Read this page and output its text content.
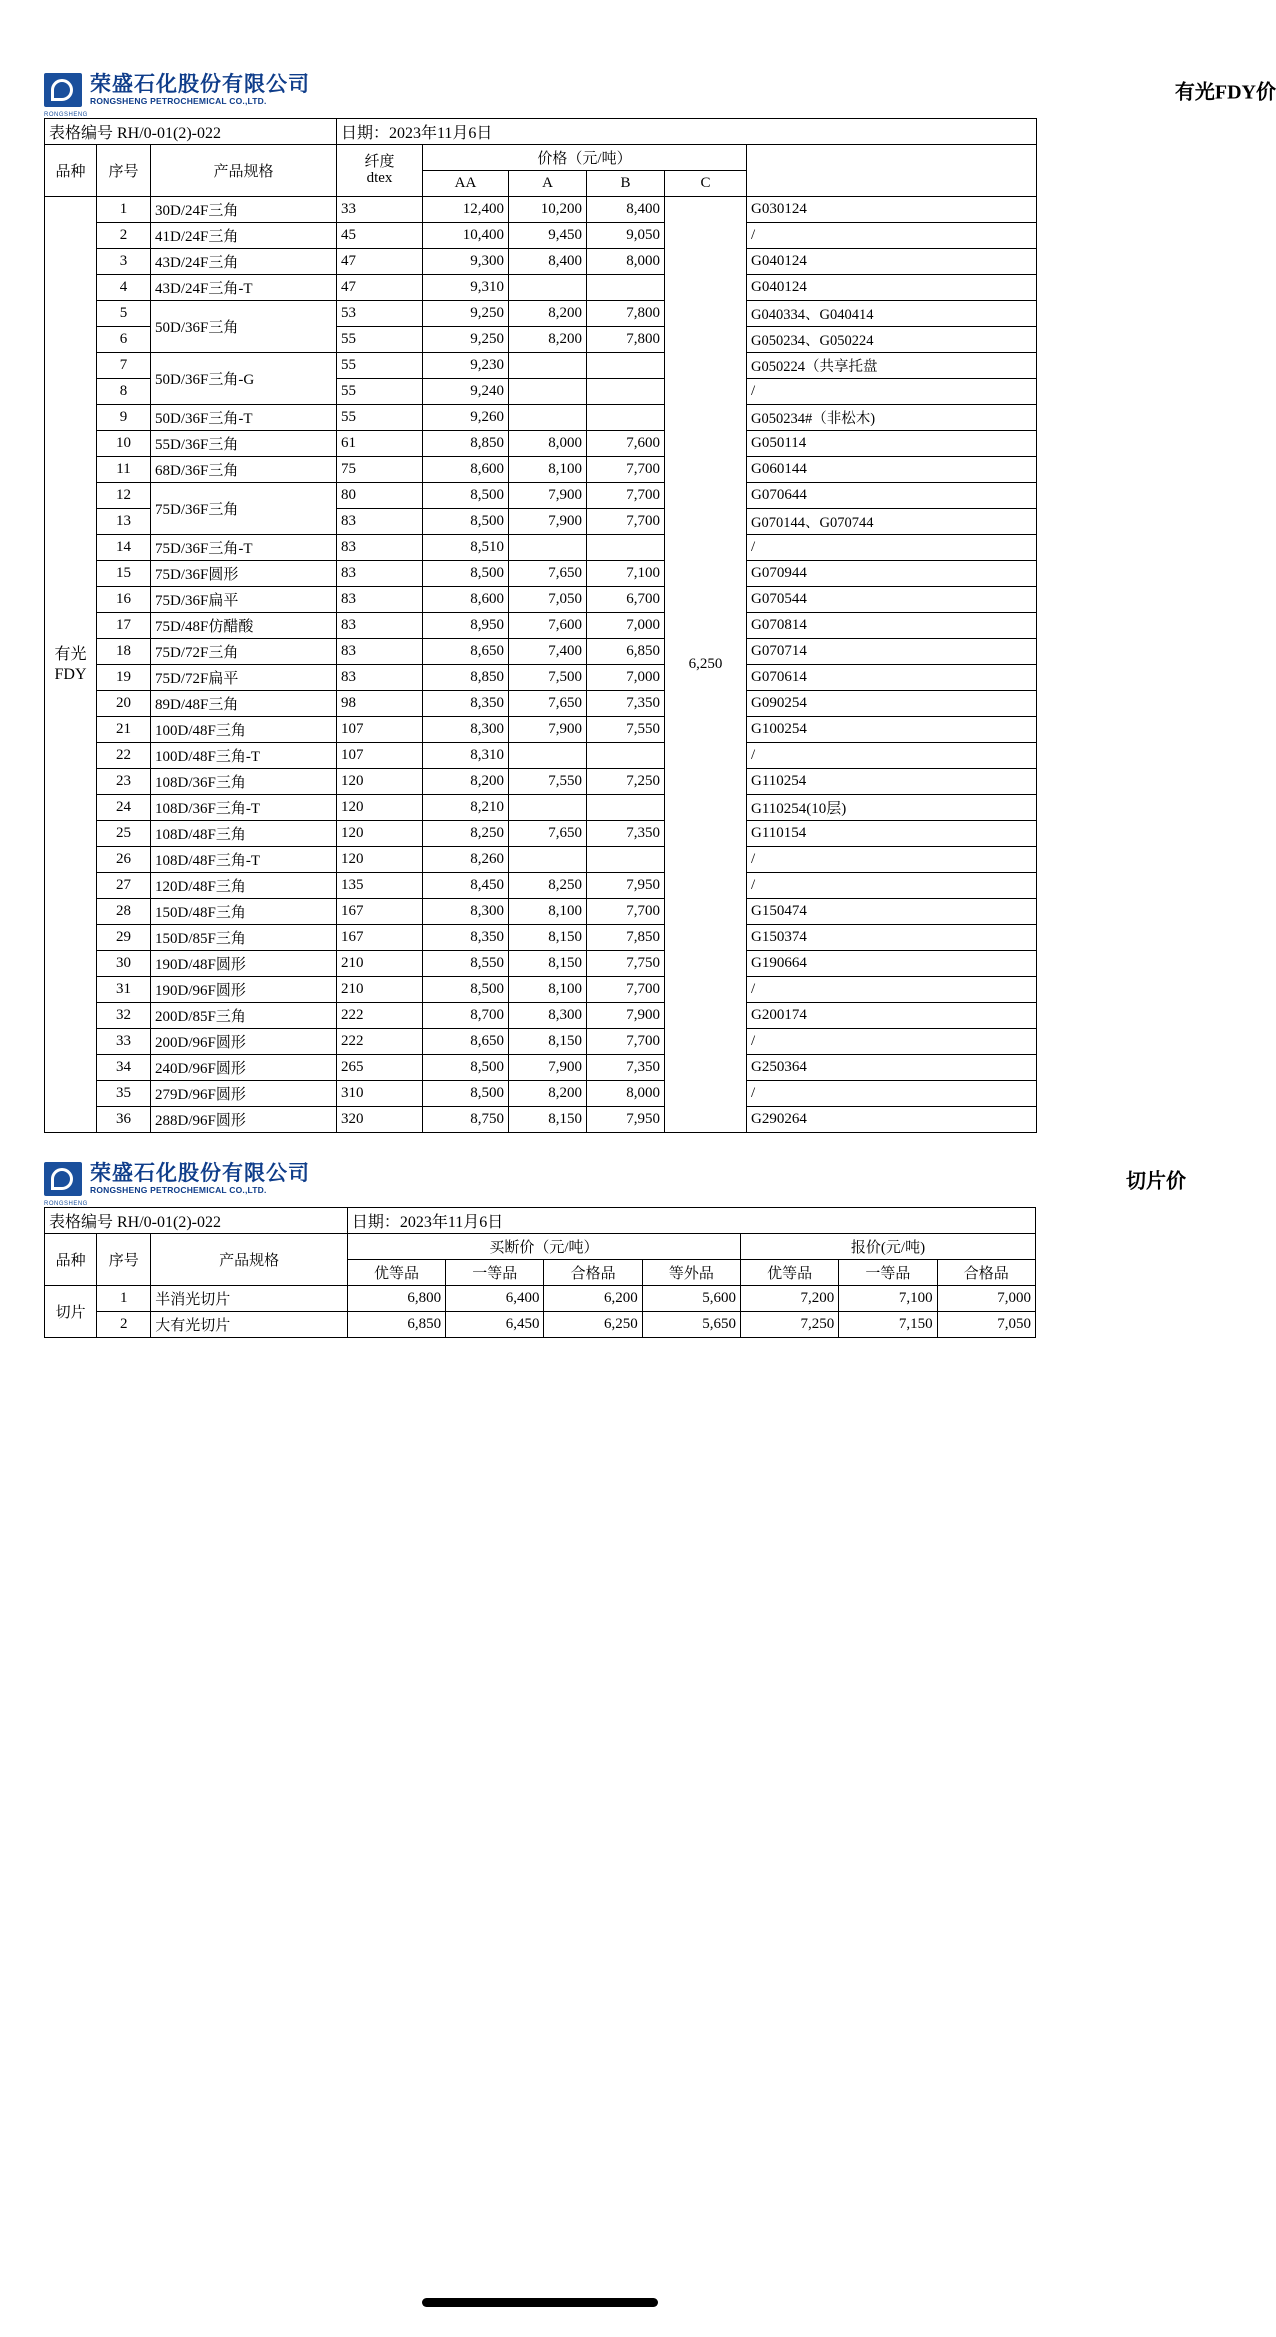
RONGSHENG
荣盛石化股份有限公司
RONGSHENG PETROCHEMICAL CO.,LTD.	有光FDY价
表格编号 RH/0-01(2)-022			日期：2023年11月6日					
品种	序号	产品规格	纤度
dtex	价格（元/吨）				
				AA	A	B	C	
有光
FDY	1	30D/24F三角	33	12,400	10,200	8,400	6,250	G030124
	2	41D/24F三角	45	10,400	9,450	9,050		/
	3	43D/24F三角	47	9,300	8,400	8,000		G040124
	4	43D/24F三角-T	47	9,310				G040124
	5	50D/36F三角	53	9,250	8,200	7,800		G040334、G040414
	6		55	9,250	8,200	7,800		G050234、G050224
	7	50D/36F三角-G	55	9,230				G050224（共享托盘
	8		55	9,240				/
	9	50D/36F三角-T	55	9,260				G050234#（非松木)
	10	55D/36F三角	61	8,850	8,000	7,600		G050114
	11	68D/36F三角	75	8,600	8,100	7,700		G060144
	12	75D/36F三角	80	8,500	7,900	7,700		G070644
	13		83	8,500	7,900	7,700		G070144、G070744
	14	75D/36F三角-T	83	8,510				/
	15	75D/36F圆形	83	8,500	7,650	7,100		G070944
	16	75D/36F扁平	83	8,600	7,050	6,700		G070544
	17	75D/48F仿醋酸	83	8,950	7,600	7,000		G070814
	18	75D/72F三角	83	8,650	7,400	6,850		G070714
	19	75D/72F扁平	83	8,850	7,500	7,000		G070614
	20	89D/48F三角	98	8,350	7,650	7,350		G090254
	21	100D/48F三角	107	8,300	7,900	7,550		G100254
	22	100D/48F三角-T	107	8,310				/
	23	108D/36F三角	120	8,200	7,550	7,250		G110254
	24	108D/36F三角-T	120	8,210				G110254(10层)
	25	108D/48F三角	120	8,250	7,650	7,350		G110154
	26	108D/48F三角-T	120	8,260				/
	27	120D/48F三角	135	8,450	8,250	7,950		/
	28	150D/48F三角	167	8,300	8,100	7,700		G150474
	29	150D/85F三角	167	8,350	8,150	7,850		G150374
	30	190D/48F圆形	210	8,550	8,150	7,750		G190664
	31	190D/96F圆形	210	8,500	8,100	7,700		/
	32	200D/85F三角	222	8,700	8,300	7,900		G200174
	33	200D/96F圆形	222	8,650	8,150	7,700		/
	34	240D/96F圆形	265	8,500	7,900	7,350		G250364
	35	279D/96F圆形	310	8,500	8,200	8,000		/
	36	288D/96F圆形	320	8,750	8,150	7,950		G290264
RONGSHENG
荣盛石化股份有限公司
RONGSHENG PETROCHEMICAL CO.,LTD.	切片价
表格编号 RH/0-01(2)-022			日期：2023年11月6日						
品种	序号	产品规格	买断价（元/吨）				报价(元/吨)		
			优等品	一等品	合格品	等外品	优等品	一等品	合格品
切片	1	半消光切片	6,800	6,400	6,200	5,600	7,200	7,100	7,000
	2	大有光切片	6,850	6,450	6,250	5,650	7,250	7,150	7,050
